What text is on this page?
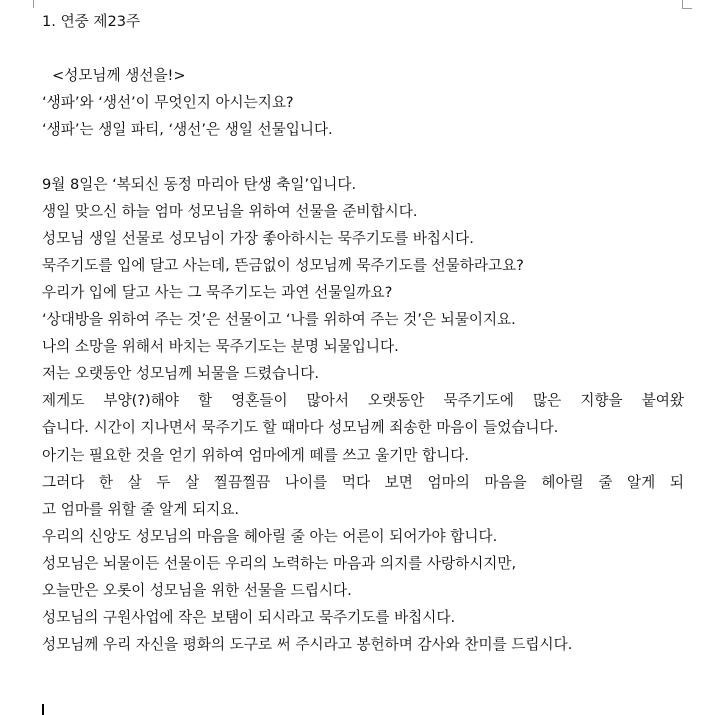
1. 연중 제23주
<성모님께 생선을!>
‘생파’와 ‘생선’이 무엇인지 아시는지요?
‘생파’는 생일 파티, ‘생선’은 생일 선물입니다.
9월 8일은 ‘복되신 동정 마리아 탄생 축일’입니다.
생일 맞으신 하늘 엄마 성모님을 위하여 선물을 준비합시다.
성모님 생일 선물로 성모님이 가장 좋아하시는 묵주기도를 바칩시다.
묵주기도를 입에 달고 사는데, 뜬금없이 성모님께 묵주기도를 선물하라고요?
우리가 입에 달고 사는 그 묵주기도는 과연 선물일까요?
‘상대방을 위하여 주는 것’은 선물이고 ‘나를 위하여 주는 것’은 뇌물이지요.
나의 소망을 위해서 바치는 묵주기도는 분명 뇌물입니다.
저는 오랫동안 성모님께 뇌물을 드렸습니다.
제게도 부양(?)해야 할 영혼들이 많아서 오랫동안 묵주기도에 많은 지향을 붙여왔
습니다. 시간이 지나면서 묵주기도 할 때마다 성모님께 죄송한 마음이 들었습니다.
아기는 필요한 것을 얻기 위하여 엄마에게 떼를 쓰고 울기만 합니다.
그러다 한 살 두 살 찔끔찔끔 나이를 먹다 보면 엄마의 마음을 헤아릴 줄 알게 되
고 엄마를 위할 줄 알게 되지요.
우리의 신앙도 성모님의 마음을 헤아릴 줄 아는 어른이 되어가야 합니다.
성모님은 뇌물이든 선물이든 우리의 노력하는 마음과 의지를 사랑하시지만,
오늘만은 오롯이 성모님을 위한 선물을 드립시다.
성모님의 구원사업에 작은 보탬이 되시라고 묵주기도를 바칩시다.
성모님께 우리 자신을 평화의 도구로 써 주시라고 봉헌하며 감사와 찬미를 드립시다.
